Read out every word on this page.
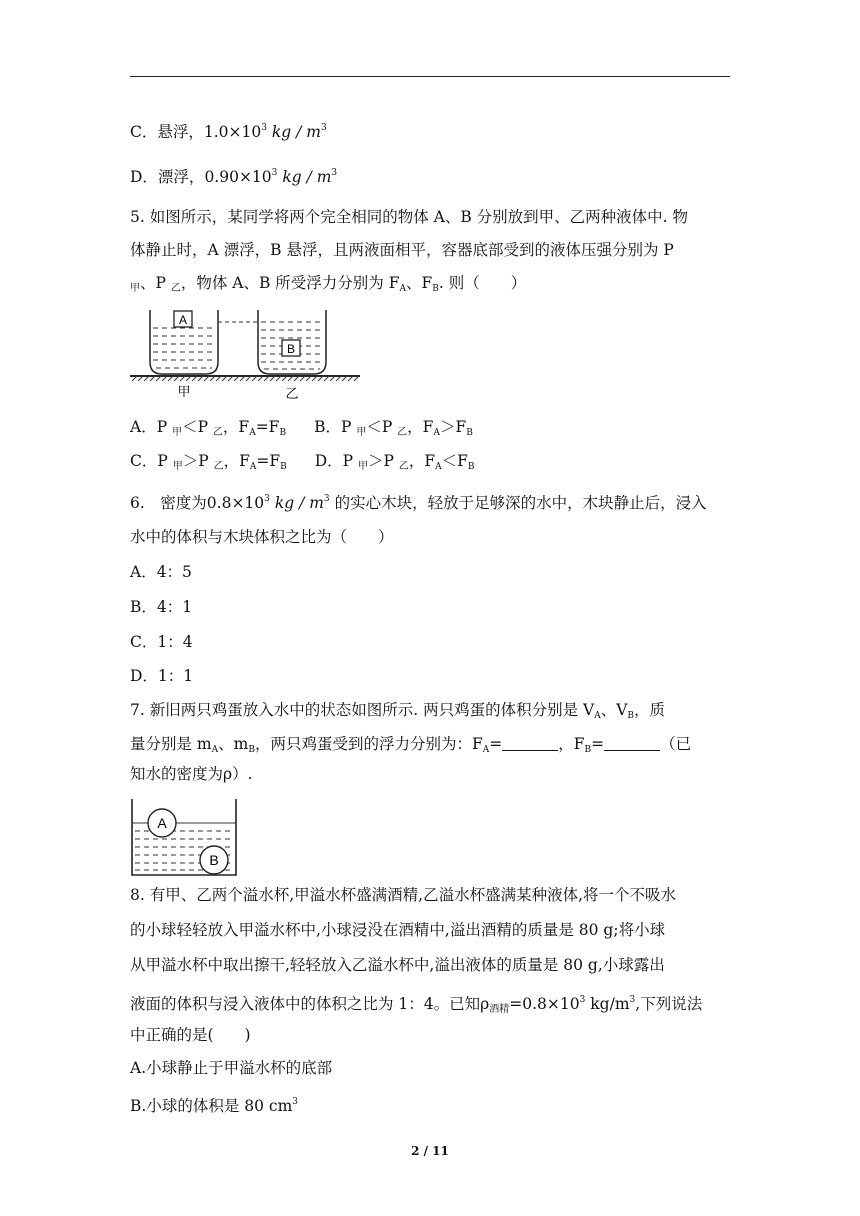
C．悬浮，$1.0\times 10^3$ kg / $m^3$
D．漂浮，$0.90\times 10^3$ kg / $m^3$
5. 如图所示，某同学将两个完全相同的物体 A、B 分别放到甲、乙两种液体中. 物
体静止时，A 漂浮，B 悬浮，且两液面相平，容器底部受到的液体压强分别为 P
甲、P 乙，物体 A、B 所受浮力分别为 $F_A$、$F_B$. 则（　　）
A
B
甲	乙
A．P 甲＜P 乙，$F_A=F_B$ B．P 甲＜P 乙，$F_A>F_B$
C．P 甲＞P 乙，$F_A=F_B$ D．P 甲＞P 乙，$F_A<F_B$
6.　密度为$0.8\times 10^3$ kg / $m^3$ 的实心木块，轻放于足够深的水中，木块静止后，浸入
水中的体积与木块体积之比为（　　）
A．4：5
B．4：1
C．1：4
D．1：1
7. 新旧两只鸡蛋放入水中的状态如图所示. 两只鸡蛋的体积分别是 $V_A$、$V_B$，质
量分别是 $m_A$、$m_B$，两只鸡蛋受到的浮力分别为：$F_A=$	，$F_B=$	（已
知水的密度为ρ）.
A
B
8. 有甲、乙两个溢水杯,甲溢水杯盛满酒精,乙溢水杯盛满某种液体,将一个不吸水
的小球轻轻放入甲溢水杯中,小球浸没在酒精中,溢出酒精的质量是 80 g;将小球
从甲溢水杯中取出擦干,轻轻放入乙溢水杯中,溢出液体的质量是 80 g,小球露出
液面的体积与浸入液体中的体积之比为 1：4。已知ρ酒精$=0.8\times 10^3$ $kg/m^3$,下列说法
中正确的是(　　)
A.小球静止于甲溢水杯的底部
B.小球的体积是 80 $cm^3$
2 / 11
